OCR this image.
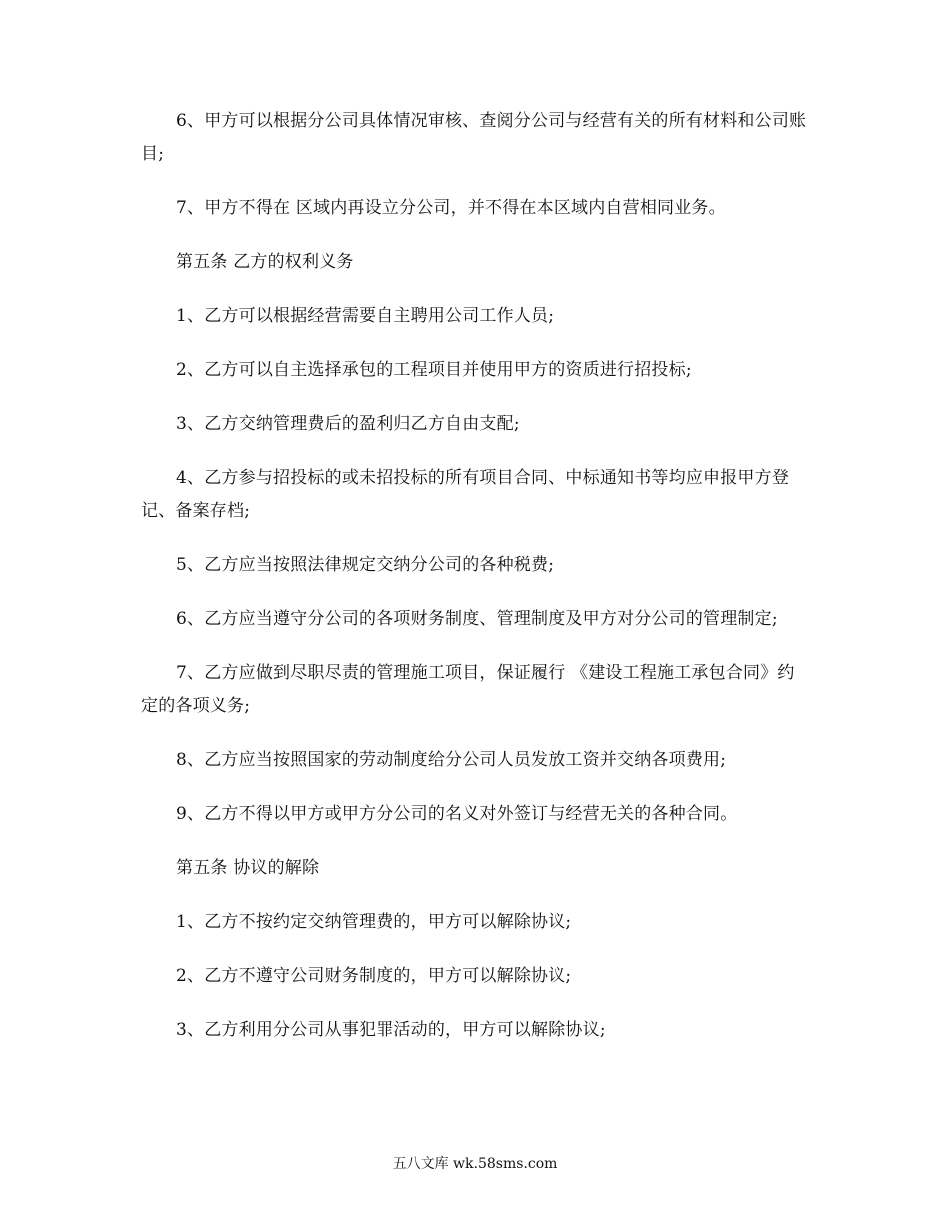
6、甲方可以根据分公司具体情况审核、查阅分公司与经营有关的所有材料和公司账目;

7、甲方不得在 区域内再设立分公司，并不得在本区域内自营相同业务。

第五条 乙方的权利义务

1、乙方可以根据经营需要自主聘用公司工作人员;

2、乙方可以自主选择承包的工程项目并使用甲方的资质进行招投标;

3、乙方交纳管理费后的盈利归乙方自由支配;

4、乙方参与招投标的或未招投标的所有项目合同、中标通知书等均应申报甲方登记、备案存档;

5、乙方应当按照法律规定交纳分公司的各种税费;

6、乙方应当遵守分公司的各项财务制度、管理制度及甲方对分公司的管理制定;

7、乙方应做到尽职尽责的管理施工项目，保证履行 《建设工程施工承包合同》约定的各项义务;

8、乙方应当按照国家的劳动制度给分公司人员发放工资并交纳各项费用;

9、乙方不得以甲方或甲方分公司的名义对外签订与经营无关的各种合同。

第五条 协议的解除

1、乙方不按约定交纳管理费的，甲方可以解除协议;

2、乙方不遵守公司财务制度的，甲方可以解除协议;

3、乙方利用分公司从事犯罪活动的，甲方可以解除协议;

五八文库 wk.58sms.com
